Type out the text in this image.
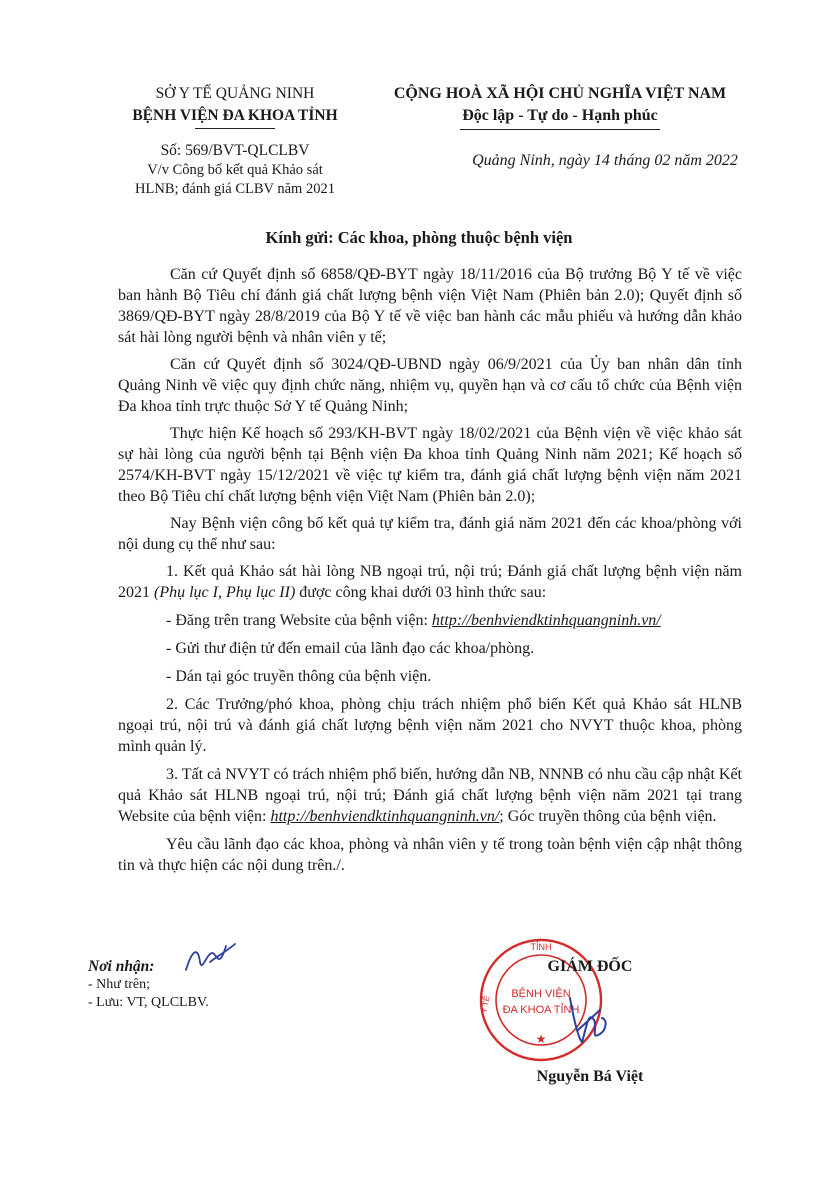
SỞ Y TẾ QUẢNG NINH
BỆNH VIỆN ĐA KHOA TỈNH
Số: 569/BVT-QLCLBV
V/v Công bố kết quả Khảo sát
HLNB; đánh giá CLBV năm 2021
CỘNG HOÀ XÃ HỘI CHỦ NGHĨA VIỆT NAM
Độc lập - Tự do - Hạnh phúc
Quảng Ninh, ngày 14 tháng 02 năm 2022
Kính gửi: Các khoa, phòng thuộc bệnh viện

Căn cứ Quyết định số 6858/QĐ-BYT ngày 18/11/2016 của Bộ trưởng Bộ Y tế về việc ban hành Bộ Tiêu chí đánh giá chất lượng bệnh viện Việt Nam (Phiên bản 2.0); Quyết định số 3869/QĐ-BYT ngày 28/8/2019 của Bộ Y tế về việc ban hành các mẫu phiếu và hướng dẫn khảo sát hài lòng người bệnh và nhân viên y tế;

Căn cứ Quyết định số 3024/QĐ-UBND ngày 06/9/2021 của Ủy ban nhân dân tỉnh Quảng Ninh về việc quy định chức năng, nhiệm vụ, quyền hạn và cơ cấu tổ chức của Bệnh viện Đa khoa tỉnh trực thuộc Sở Y tế Quảng Ninh;

Thực hiện Kế hoạch số 293/KH-BVT ngày 18/02/2021 của Bệnh viện về việc khảo sát sự hài lòng của người bệnh tại Bệnh viện Đa khoa tỉnh Quảng Ninh năm 2021; Kế hoạch số 2574/KH-BVT ngày 15/12/2021 về việc tự kiểm tra, đánh giá chất lượng bệnh viện năm 2021 theo Bộ Tiêu chí chất lượng bệnh viện Việt Nam (Phiên bản 2.0);

Nay Bệnh viện công bố kết quả tự kiểm tra, đánh giá năm 2021 đến các khoa/phòng với nội dung cụ thể như sau:

1. Kết quả Khảo sát hài lòng NB ngoại trú, nội trú; Đánh giá chất lượng bệnh viện năm 2021 (Phụ lục I, Phụ lục II) được công khai dưới 03 hình thức sau:

- Đăng trên trang Website của bệnh viện: http://benhviendktinhquangninh.vn/

- Gửi thư điện tử đến email của lãnh đạo các khoa/phòng.

- Dán tại góc truyền thông của bệnh viện.

2. Các Trưởng/phó khoa, phòng chịu trách nhiệm phổ biến Kết quả Khảo sát HLNB ngoại trú, nội trú và đánh giá chất lượng bệnh viện năm 2021 cho NVYT thuộc khoa, phòng mình quản lý.

3. Tất cả NVYT có trách nhiệm phổ biến, hướng dẫn NB, NNNB có nhu cầu cập nhật Kết quả Khảo sát HLNB ngoại trú, nội trú; Đánh giá chất lượng bệnh viện năm 2021 tại trang Website của bệnh viện: http://benhviendktinhquangninh.vn/; Góc truyền thông của bệnh viện.

Yêu cầu lãnh đạo các khoa, phòng và nhân viên y tế trong toàn bệnh viện cập nhật thông tin và thực hiện các nội dung trên./.

Nơi nhận:
- Như trên;
- Lưu: VT, QLCLBV.
TỈNH
Y TẾ
BỆNH VIỆN
ĐA KHOA TỈNH
★
GIÁM ĐỐC
Nguyễn Bá Việt
